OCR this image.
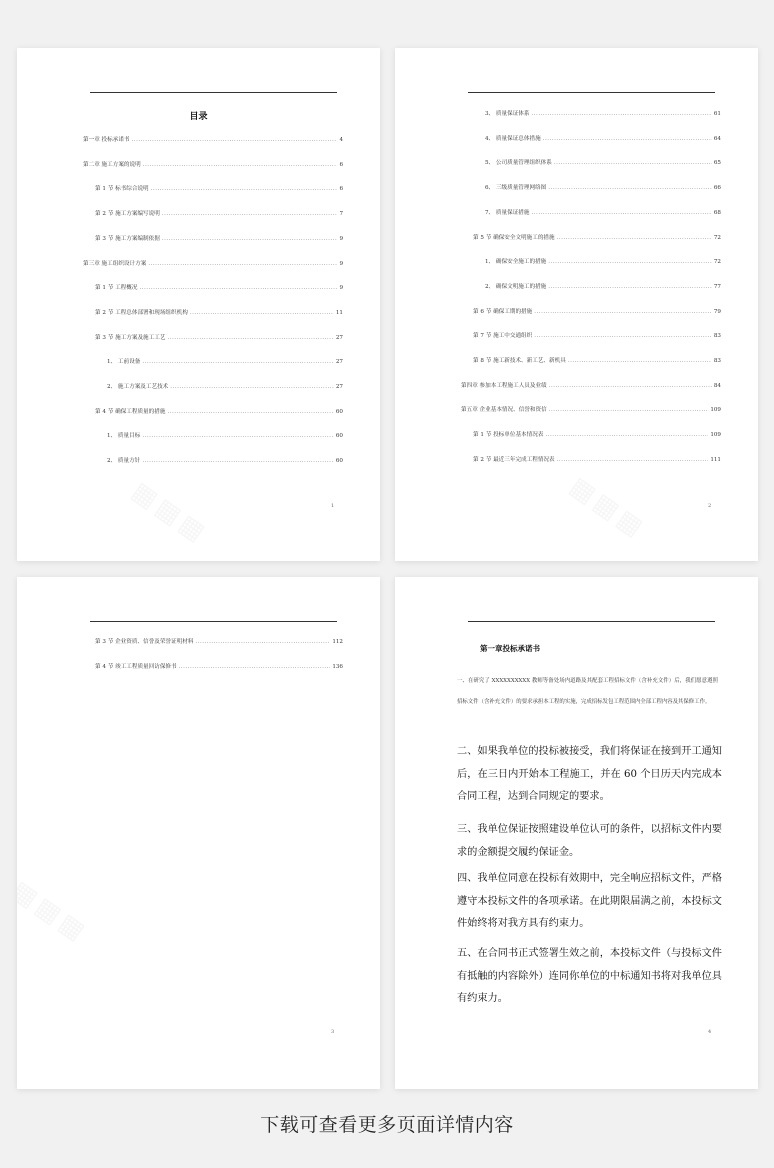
目录
第一章 投标承诺书 .....	4
第二章 施工方案的说明 .....	6
第 1 节 标书综合说明 .....	6
第 2 节 施工方案编写说明 .....	7
第 3 节 施工方案编制依据 .....	9
第三章 施工组织设计方案 .....	9
第 1 节 工程概况 .....	9
第 2 节 工程总体部署和现场组织机构 .....	11
第 3 节 施工方案及施工工艺 .....	27
1、 工前设备 .....	27
2、 施工方案及工艺技术 .....	27
第 4 节 确保工程质量的措施 .....	60
1、 质量目标 .....	60
2、 质量方针 .....	60
1
3、 质量保证体系 .....	61
4、 质量保证总体措施 .....	64
5、 公司质量管理组织体系 .....	65
6、 三级质量管理网络图 .....	66
7、 质量保证措施 .....	68
第 5 节 确保安全文明施工的措施 .....	72
1、 确保安全施工的措施 .....	72
2、 确保文明施工的措施 .....	77
第 6 节 确保工期的措施 .....	79
第 7 节 施工中交通组织 .....	83
第 8 节 施工新技术、新工艺、新机具 .....	83
第四章 参加本工程施工人员及业绩 .....	84
第五章 企业基本情况、信誉和资信 .....	109
第 1 节 投标单位基本情况表 .....	109
第 2 节 最近三年完成工程情况表 .....	111
2
第 3 节 企业资质、信誉及荣誉证明材料 .....	112
第 4 节 竣工工程质量回访保修书 .....	136
3
第一章投标承诺书
一、在研究了 XXXXXXXXXX 教师等备处场内道路及其配套工程招标文件（含补充文件）后，我们愿意遵照招标文件（含补充文件）的要求承担本工程的实施，完成招标发包工程范围内全部工程内容及其保修工作。
二、如果我单位的投标被接受，我们将保证在接到开工通知后，在三日内开始本工程施工，并在 60 个日历天内完成本合同工程，达到合同规定的要求。
三、我单位保证按照建设单位认可的条件，以招标文件内要求的金额提交履约保证金。
四、我单位同意在投标有效期中，完全响应招标文件，严格遵守本投标文件的各项承诺。在此期限届满之前，本投标文件始终将对我方具有约束力。
五、在合同书正式签署生效之前，本投标文件（与投标文件有抵触的内容除外）连同你单位的中标通知书将对我单位具有约束力。
4
下载可查看更多页面详情内容
